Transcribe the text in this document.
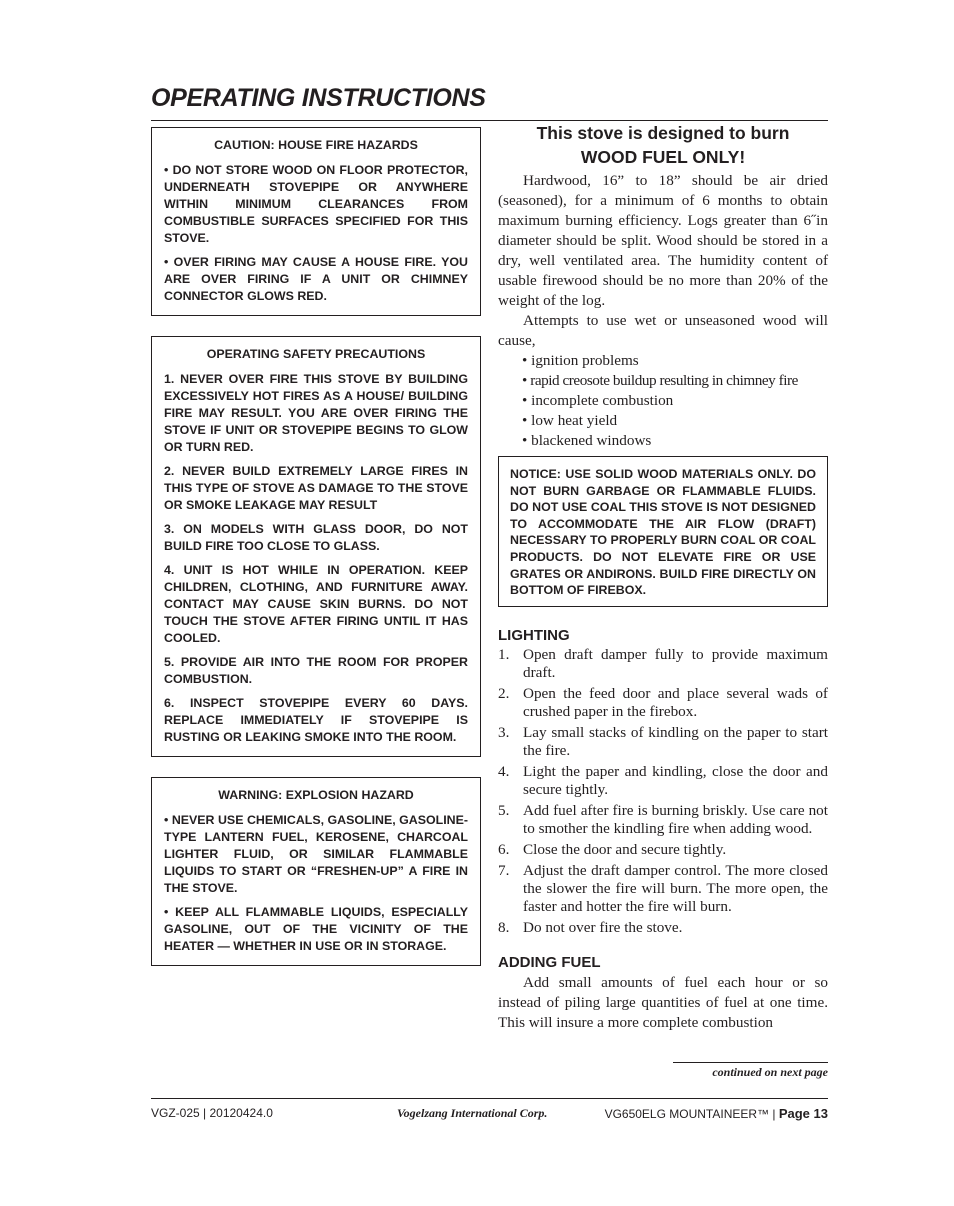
OPERATING INSTRUCTIONS
CAUTION: HOUSE FIRE HAZARDS

• DO NOT STORE WOOD ON FLOOR PROTECTOR, UNDERNEATH STOVEPIPE OR ANYWHERE WITHIN MINIMUM CLEARANCES FROM COMBUSTIBLE SURFACES SPECIFIED FOR THIS STOVE.

• OVER FIRING MAY CAUSE A HOUSE FIRE. YOU ARE OVER FIRING IF A UNIT OR CHIMNEY CONNECTOR GLOWS RED.

OPERATING SAFETY PRECAUTIONS

1. NEVER OVER FIRE THIS STOVE BY BUILDING EXCESSIVELY HOT FIRES AS A HOUSE/ BUILDING FIRE MAY RESULT. YOU ARE OVER FIRING THE STOVE IF UNIT OR STOVEPIPE BEGINS TO GLOW OR TURN RED.

2. NEVER BUILD EXTREMELY LARGE FIRES IN THIS TYPE OF STOVE AS DAMAGE TO THE STOVE OR SMOKE LEAKAGE MAY RESULT

3. ON MODELS WITH GLASS DOOR, DO NOT BUILD FIRE TOO CLOSE TO GLASS.

4. UNIT IS HOT WHILE IN OPERATION. KEEP CHILDREN, CLOTHING, AND FURNITURE AWAY. CONTACT MAY CAUSE SKIN BURNS. DO NOT TOUCH THE STOVE AFTER FIRING UNTIL IT HAS COOLED.

5. PROVIDE AIR INTO THE ROOM FOR PROPER COMBUSTION.

6. INSPECT STOVEPIPE EVERY 60 DAYS. REPLACE IMMEDIATELY IF STOVEPIPE IS RUSTING OR LEAKING SMOKE INTO THE ROOM.

WARNING: EXPLOSION HAZARD

• NEVER USE CHEMICALS, GASOLINE, GASOLINE-TYPE LANTERN FUEL, KEROSENE, CHARCOAL LIGHTER FLUID, OR SIMILAR FLAMMABLE LIQUIDS TO START OR “FRESHEN-UP” A FIRE IN THE STOVE.

• KEEP ALL FLAMMABLE LIQUIDS, ESPECIALLY GASOLINE, OUT OF THE VICINITY OF THE HEATER — WHETHER IN USE OR IN STORAGE.

This stove is designed to burn
WOOD FUEL ONLY!

Hardwood, 16” to 18” should be air dried (seasoned), for a minimum of 6 months to obtain maximum burning efficiency. Logs greater than 6˝in diameter should be split. Wood should be stored in a dry, well ventilated area. The humidity content of usable firewood should be no more than 20% of the weight of the log.

Attempts to use wet or unseasoned wood will cause,

• ignition problems
• rapid creosote buildup resulting in chimney fire
• incomplete combustion
• low heat yield
• blackened windows
NOTICE: USE SOLID WOOD MATERIALS ONLY. DO NOT BURN GARBAGE OR FLAMMABLE FLUIDS. DO NOT USE COAL THIS STOVE IS NOT DESIGNED TO ACCOMMODATE THE AIR FLOW (DRAFT) NECESSARY TO PROPERLY BURN COAL OR COAL PRODUCTS. DO NOT ELEVATE FIRE OR USE GRATES OR ANDIRONS. BUILD FIRE DIRECTLY ON BOTTOM OF FIREBOX.
LIGHTING
1. Open draft damper fully to provide maximum draft.
2. Open the feed door and place several wads of crushed paper in the firebox.
3. Lay small stacks of kindling on the paper to start the fire.
4. Light the paper and kindling, close the door and secure tightly.
5. Add fuel after fire is burning briskly. Use care not to smother the kindling fire when adding wood.
6. Close the door and secure tightly.
7. Adjust the draft damper control. The more closed the slower the fire will burn. The more open, the faster and hotter the fire will burn.
8. Do not over fire the stove.
ADDING FUEL

Add small amounts of fuel each hour or so instead of piling large quantities of fuel at one time. This will insure a more complete combustion

continued on next page
VGZ-025 | 20120424.0	Vogelzang International Corp.	VG650ELG MOUNTAINEER™ | Page 13
